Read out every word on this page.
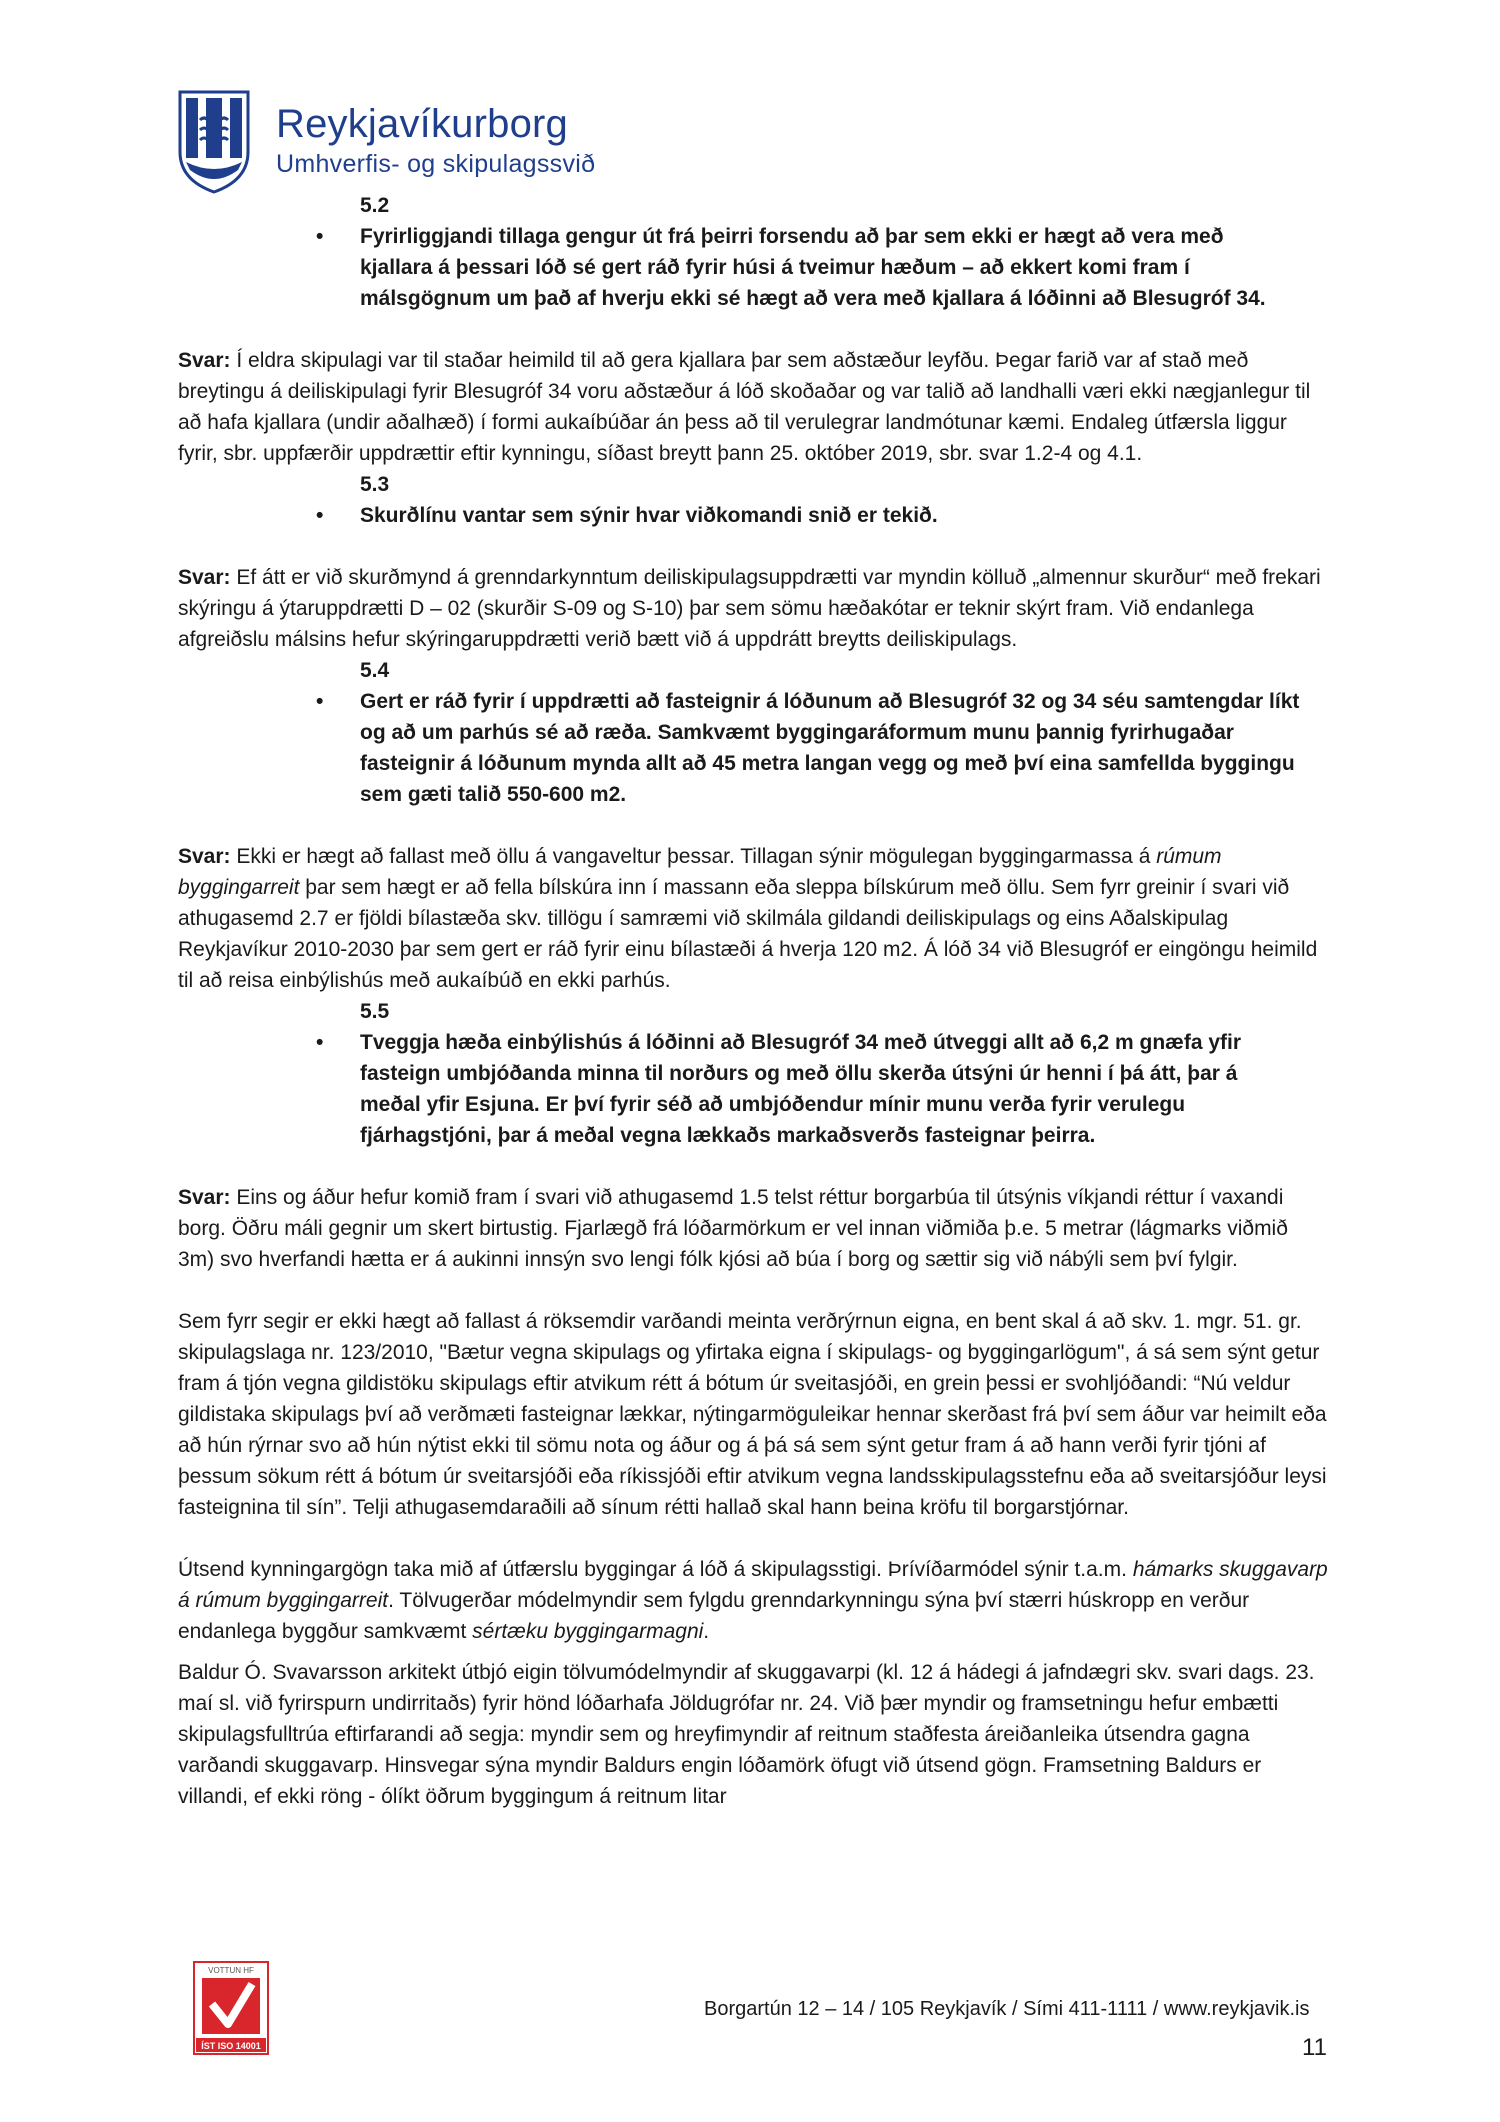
Reykjavíkurborg
Umhverfis- og skipulagssvið
5.2
• Fyrirliggjandi tillaga gengur út frá þeirri forsendu að þar sem ekki er hægt að vera með kjallara á þessari lóð sé gert ráð fyrir húsi á tveimur hæðum – að ekkert komi fram í málsgögnum um það af hverju ekki sé hægt að vera með kjallara á lóðinni að Blesugróf 34.

Svar: Í eldra skipulagi var til staðar heimild til að gera kjallara þar sem aðstæður leyfðu. Þegar farið var af stað með breytingu á deiliskipulagi fyrir Blesugróf 34 voru aðstæður á lóð skoðaðar og var talið að landhalli væri ekki nægjanlegur til að hafa kjallara (undir aðalhæð) í formi aukaíbúðar án þess að til verulegrar landmótunar kæmi. Endaleg útfærsla liggur fyrir, sbr. uppfærðir uppdrættir eftir kynningu, síðast breytt þann 25. október 2019, sbr. svar 1.2-4 og 4.1.

5.3
• Skurðlínu vantar sem sýnir hvar viðkomandi snið er tekið.

Svar: Ef átt er við skurðmynd á grenndarkynntum deiliskipulagsuppdrætti var myndin kölluð „almennur skurður“ með frekari skýringu á ýtaruppdrætti D – 02 (skurðir S-09 og S-10) þar sem sömu hæðakótar er teknir skýrt fram. Við endanlega afgreiðslu málsins hefur skýringaruppdrætti verið bætt við á uppdrátt breytts deiliskipulags.

5.4
• Gert er ráð fyrir í uppdrætti að fasteignir á lóðunum að Blesugróf 32 og 34 séu samtengdar líkt og að um parhús sé að ræða. Samkvæmt byggingaráformum munu þannig fyrirhugaðar fasteignir á lóðunum mynda allt að 45 metra langan vegg og með því eina samfellda byggingu sem gæti talið 550-600 m2.

Svar: Ekki er hægt að fallast með öllu á vangaveltur þessar. Tillagan sýnir mögulegan byggingarmassa á rúmum byggingarreit þar sem hægt er að fella bílskúra inn í massann eða sleppa bílskúrum með öllu. Sem fyrr greinir í svari við athugasemd 2.7 er fjöldi bílastæða skv. tillögu í samræmi við skilmála gildandi deiliskipulags og eins Aðalskipulag Reykjavíkur 2010-2030 þar sem gert er ráð fyrir einu bílastæði á hverja 120 m2. Á lóð 34 við Blesugróf er eingöngu heimild til að reisa einbýlishús með aukaíbúð en ekki parhús.

5.5
• Tveggja hæða einbýlishús á lóðinni að Blesugróf 34 með útveggi allt að 6,2 m gnæfa yfir fasteign umbjóðanda minna til norðurs og með öllu skerða útsýni úr henni í þá átt, þar á meðal yfir Esjuna. Er því fyrir séð að umbjóðendur mínir munu verða fyrir verulegu fjárhagstjóni, þar á meðal vegna lækkaðs markaðsverðs fasteignar þeirra.

Svar: Eins og áður hefur komið fram í svari við athugasemd 1.5 telst réttur borgarbúa til útsýnis víkjandi réttur í vaxandi borg. Öðru máli gegnir um skert birtustig. Fjarlægð frá lóðarmörkum er vel innan viðmiða þ.e. 5 metrar (lágmarks viðmið 3m) svo hverfandi hætta er á aukinni innsýn svo lengi fólk kjósi að búa í borg og sættir sig við nábýli sem því fylgir.

Sem fyrr segir er ekki hægt að fallast á röksemdir varðandi meinta verðrýrnun eigna, en bent skal á að skv. 1. mgr. 51. gr. skipulagslaga nr. 123/2010, "Bætur vegna skipulags og yfirtaka eigna í skipulags- og byggingarlögum", á sá sem sýnt getur fram á tjón vegna gildistöku skipulags eftir atvikum rétt á bótum úr sveitasjóði, en grein þessi er svohljóðandi: “Nú veldur gildistaka skipulags því að verðmæti fasteignar lækkar, nýtingarmöguleikar hennar skerðast frá því sem áður var heimilt eða að hún rýrnar svo að hún nýtist ekki til sömu nota og áður og á þá sá sem sýnt getur fram á að hann verði fyrir tjóni af þessum sökum rétt á bótum úr sveitarsjóði eða ríkissjóði eftir atvikum vegna landsskipulagsstefnu eða að sveitarsjóður leysi fasteignina til sín”. Telji athugasemdaraðili að sínum rétti hallað skal hann beina kröfu til borgarstjórnar.

Útsend kynningargögn taka mið af útfærslu byggingar á lóð á skipulagsstigi. Þrívíðarmódel sýnir t.a.m. hámarks skuggavarp á rúmum byggingarreit. Tölvugerðar módelmyndir sem fylgdu grenndarkynningu sýna því stærri húskropp en verður endanlega byggður samkvæmt sértæku byggingarmagni.

Baldur Ó. Svavarsson arkitekt útbjó eigin tölvumódelmyndir af skuggavarpi (kl. 12 á hádegi á jafndægri skv. svari dags. 23. maí sl. við fyrirspurn undirritaðs) fyrir hönd lóðarhafa Jöldugrófar nr. 24. Við þær myndir og framsetningu hefur embætti skipulagsfulltrúa eftirfarandi að segja: myndir sem og hreyfimyndir af reitnum staðfesta áreiðanleika útsendra gagna varðandi skuggavarp. Hinsvegar sýna myndir Baldurs engin lóðamörk öfugt við útsend gögn. Framsetning Baldurs er villandi, ef ekki röng - ólíkt öðrum byggingum á reitnum litar

VOTTUN HF
ÍST ISO 14001
Borgartún 12 – 14 / 105 Reykjavík / Sími 411-1111 / www.reykjavik.is
11
